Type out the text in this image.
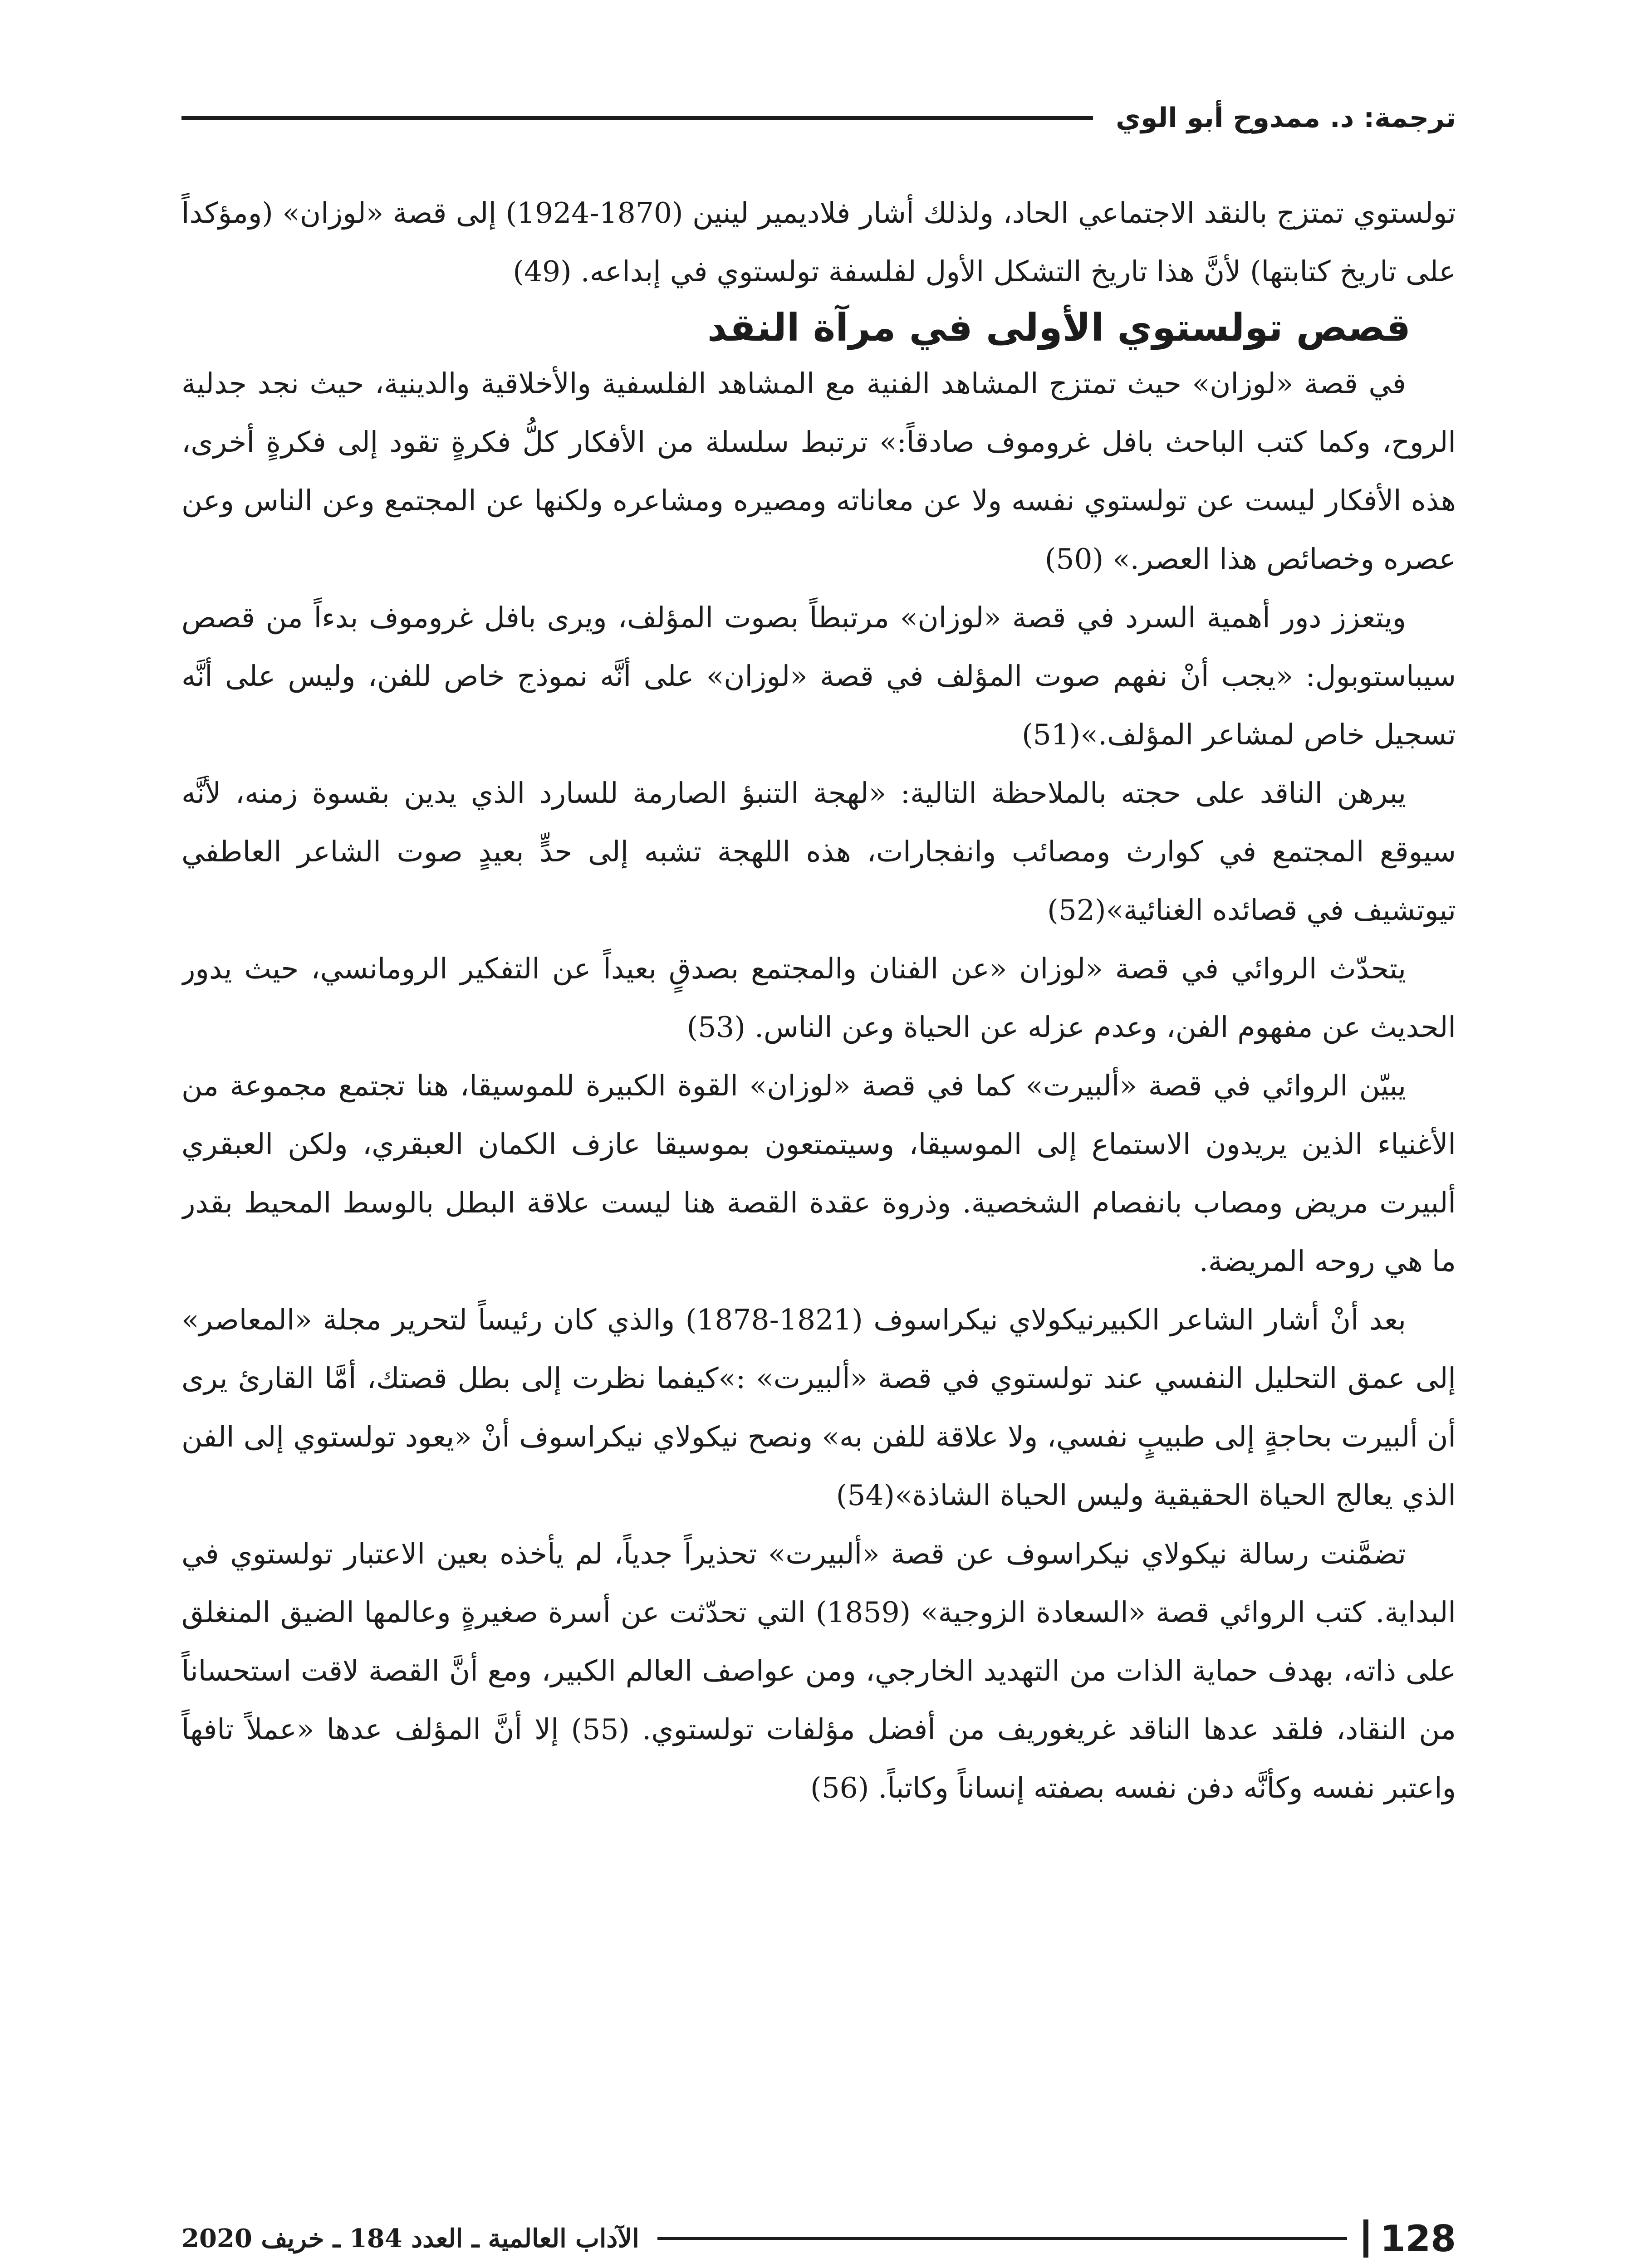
ترجمة: د. ممدوح أبو الوي

تولستوي تمتزج بالنقد الاجتماعي الحاد، ولذلك أشار فلاديمير لينين (1870-1924) إلى قصة «لوزان» (ومؤكداً على تاريخ كتابتها) لأنَّ هذا تاريخ التشكل الأول لفلسفة تولستوي في إبداعه. (49)

قصص تولستوي الأولى في مرآة النقد

في قصة «لوزان» حيث تمتزج المشاهد الفنية مع المشاهد الفلسفية والأخلاقية والدينية، حيث نجد جدلية الروح، وكما كتب الباحث بافل غروموف صادقاً:» ترتبط سلسلة من الأفكار كلُّ فكرةٍ تقود إلى فكرةٍ أخرى، هذه الأفكار ليست عن تولستوي نفسه ولا عن معاناته ومصيره ومشاعره ولكنها عن المجتمع وعن الناس وعن عصره وخصائص هذا العصر.» (50)

ويتعزز دور أهمية السرد في قصة «لوزان» مرتبطاً بصوت المؤلف، ويرى بافل غروموف بدءاً من قصص سيباستوبول: «يجب أنْ نفهم صوت المؤلف في قصة «لوزان» على أنَّه نموذج خاص للفن، وليس على أنَّه تسجيل خاص لمشاعر المؤلف.»(51)

يبرهن الناقد على حجته بالملاحظة التالية: «لهجة التنبؤ الصارمة للسارد الذي يدين بقسوة زمنه، لأنَّه سيوقع المجتمع في كوارث ومصائب وانفجارات، هذه اللهجة تشبه إلى حدٍّ بعيدٍ صوت الشاعر العاطفي تيوتشيف في قصائده الغنائية»(52)

يتحدّث الروائي في قصة «لوزان «عن الفنان والمجتمع بصدقٍ بعيداً عن التفكير الرومانسي، حيث يدور الحديث عن مفهوم الفن، وعدم عزله عن الحياة وعن الناس. (53)

يبيّن الروائي في قصة «ألبيرت» كما في قصة «لوزان» القوة الكبيرة للموسيقا، هنا تجتمع مجموعة من الأغنياء الذين يريدون الاستماع إلى الموسيقا، وسيتمتعون بموسيقا عازف الكمان العبقري، ولكن العبقري ألبيرت مريض ومصاب بانفصام الشخصية. وذروة عقدة القصة هنا ليست علاقة البطل بالوسط المحيط بقدر ما هي روحه المريضة.

بعد أنْ أشار الشاعر الكبيرنيكولاي نيكراسوف (1821-1878) والذي كان رئيساً لتحرير مجلة «المعاصر» إلى عمق التحليل النفسي عند تولستوي في قصة «ألبيرت» :»كيفما نظرت إلى بطل قصتك، أمَّا القارئ يرى أن ألبيرت بحاجةٍ إلى طبيبٍ نفسي، ولا علاقة للفن به» ونصح نيكولاي نيكراسوف أنْ «يعود تولستوي إلى الفن الذي يعالج الحياة الحقيقية وليس الحياة الشاذة»(54)

تضمَّنت رسالة نيكولاي نيكراسوف عن قصة «ألبيرت» تحذيراً جدياً، لم يأخذه بعين الاعتبار تولستوي في البداية. كتب الروائي قصة «السعادة الزوجية» (1859) التي تحدّثت عن أسرة صغيرةٍ وعالمها الضيق المنغلق على ذاته، بهدف حماية الذات من التهديد الخارجي، ومن عواصف العالم الكبير، ومع أنَّ القصة لاقت استحساناً من النقاد، فلقد عدها الناقد غريغوريف من أفضل مؤلفات تولستوي. (55) إلا أنَّ المؤلف عدها «عملاً تافهاً واعتبر نفسه وكأنَّه دفن نفسه بصفته إنساناً وكاتباً. (56)

128
الآداب العالمية ـ العدد 184 ـ خريف 2020
